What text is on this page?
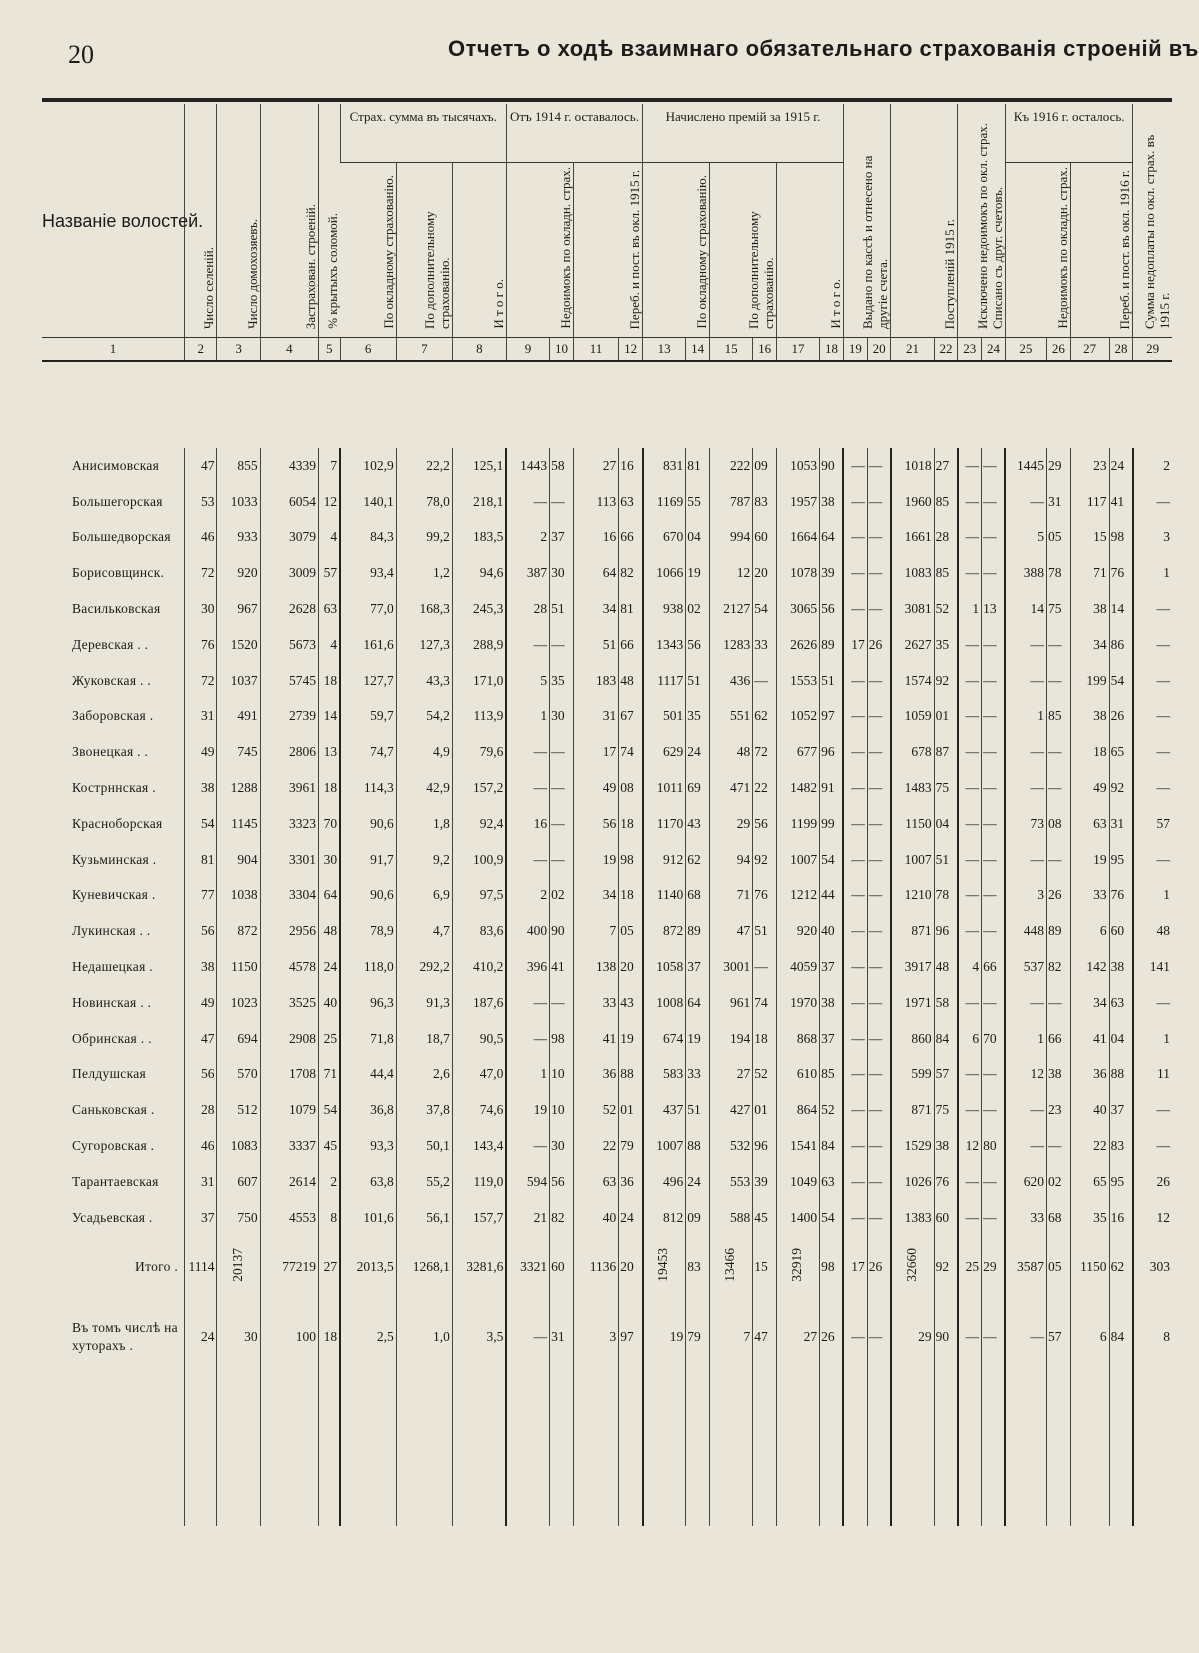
20	Отчетъ о ходѣ взаимнаго обязательнаго страхованія строеній въ
Названіе волостей.	Число селеній.	Число домохозяевъ.	Застрахован. строеній.	% крытыхъ соломой.	Страх. сумма въ тысячахъ.			Отъ 1914 г. оставалось.				Начислено премій за 1915 г.						Выдано по кассѣ и отнесено на другіе счета.		Поступленій 1915 г.		Исключено недоимокъ по окл. страх. Списано съ друг. счетовъ.		Къ 1916 г. осталось.				Сумма недоплаты по окл. страх. въ 1915 г.
					По окладному страхованію.	По дополнительному страхованію.	И т о г о.	Недоимокъ по окладн. страх.		Переб. и пост. въ окл. 1915 г.		По окладному страхованію.		По дополнительному страхованію.		И т о г о.								Недоимокъ по окладн. страх.		Переб. и пост. въ окл. 1916 г.		
1	2	3	4	5	6	7	8	9	10	11	12	13	14	15	16	17	18	19	20	21	22	23	24	25	26	27	28	29

Анисимовская	47	855	4339	7	102,9	22,2	125,1	1443	58	27	16	831	81	222	09	1053	90	—	—	1018	27	—	—	1445	29	23	24	2
Большегорская	53	1033	6054	12	140,1	78,0	218,1	—	—	113	63	1169	55	787	83	1957	38	—	—	1960	85	—	—	—	31	117	41	—
Большедворская	46	933	3079	4	84,3	99,2	183,5	2	37	16	66	670	04	994	60	1664	64	—	—	1661	28	—	—	5	05	15	98	3
Борисовщинск.	72	920	3009	57	93,4	1,2	94,6	387	30	64	82	1066	19	12	20	1078	39	—	—	1083	85	—	—	388	78	71	76	1
Васильковская	30	967	2628	63	77,0	168,3	245,3	28	51	34	81	938	02	2127	54	3065	56	—	—	3081	52	1	13	14	75	38	14	—
Деревская . .	76	1520	5673	4	161,6	127,3	288,9	—	—	51	66	1343	56	1283	33	2626	89	17	26	2627	35	—	—	—	—	34	86	—
Жуковская . .	72	1037	5745	18	127,7	43,3	171,0	5	35	183	48	1117	51	436	—	1553	51	—	—	1574	92	—	—	—	—	199	54	—
Заборовская .	31	491	2739	14	59,7	54,2	113,9	1	30	31	67	501	35	551	62	1052	97	—	—	1059	01	—	—	1	85	38	26	—
Звонецкая . .	49	745	2806	13	74,7	4,9	79,6	—	—	17	74	629	24	48	72	677	96	—	—	678	87	—	—	—	—	18	65	—
Кострннская .	38	1288	3961	18	114,3	42,9	157,2	—	—	49	08	1011	69	471	22	1482	91	—	—	1483	75	—	—	—	—	49	92	—
Красноборская	54	1145	3323	70	90,6	1,8	92,4	16	—	56	18	1170	43	29	56	1199	99	—	—	1150	04	—	—	73	08	63	31	57
Кузьминская .	81	904	3301	30	91,7	9,2	100,9	—	—	19	98	912	62	94	92	1007	54	—	—	1007	51	—	—	—	—	19	95	—
Куневичская .	77	1038	3304	64	90,6	6,9	97,5	2	02	34	18	1140	68	71	76	1212	44	—	—	1210	78	—	—	3	26	33	76	1
Лукинская . .	56	872	2956	48	78,9	4,7	83,6	400	90	7	05	872	89	47	51	920	40	—	—	871	96	—	—	448	89	6	60	48
Недашецкая .	38	1150	4578	24	118,0	292,2	410,2	396	41	138	20	1058	37	3001	—	4059	37	—	—	3917	48	4	66	537	82	142	38	141
Новинская . .	49	1023	3525	40	96,3	91,3	187,6	—	—	33	43	1008	64	961	74	1970	38	—	—	1971	58	—	—	—	—	34	63	—
Обринская . .	47	694	2908	25	71,8	18,7	90,5	—	98	41	19	674	19	194	18	868	37	—	—	860	84	6	70	1	66	41	04	1
Пелдушская	56	570	1708	71	44,4	2,6	47,0	1	10	36	88	583	33	27	52	610	85	—	—	599	57	—	—	12	38	36	88	11
Саньковская .	28	512	1079	54	36,8	37,8	74,6	19	10	52	01	437	51	427	01	864	52	—	—	871	75	—	—	—	23	40	37	—
Сугоровская .	46	1083	3337	45	93,3	50,1	143,4	—	30	22	79	1007	88	532	96	1541	84	—	—	1529	38	12	80	—	—	22	83	—
Тарантаевская	31	607	2614	2	63,8	55,2	119,0	594	56	63	36	496	24	553	39	1049	63	—	—	1026	76	—	—	620	02	65	95	26
Усадьевская .	37	750	4553	8	101,6	56,1	157,7	21	82	40	24	812	09	588	45	1400	54	—	—	1383	60	—	—	33	68	35	16	12
Итого .	1114	20137	77219	27	2013,5	1268,1	3281,6	3321	60	1136	20	19453	83	13466	15	32919	98	17	26	32660	92	25	29	3587	05	1150	62	303
Въ томъ числѣ на хуторахъ .	24	30	100	18	2,5	1,0	3,5	—	31	3	97	19	79	7	47	27	26	—	—	29	90	—	—	—	57	6	84	8
